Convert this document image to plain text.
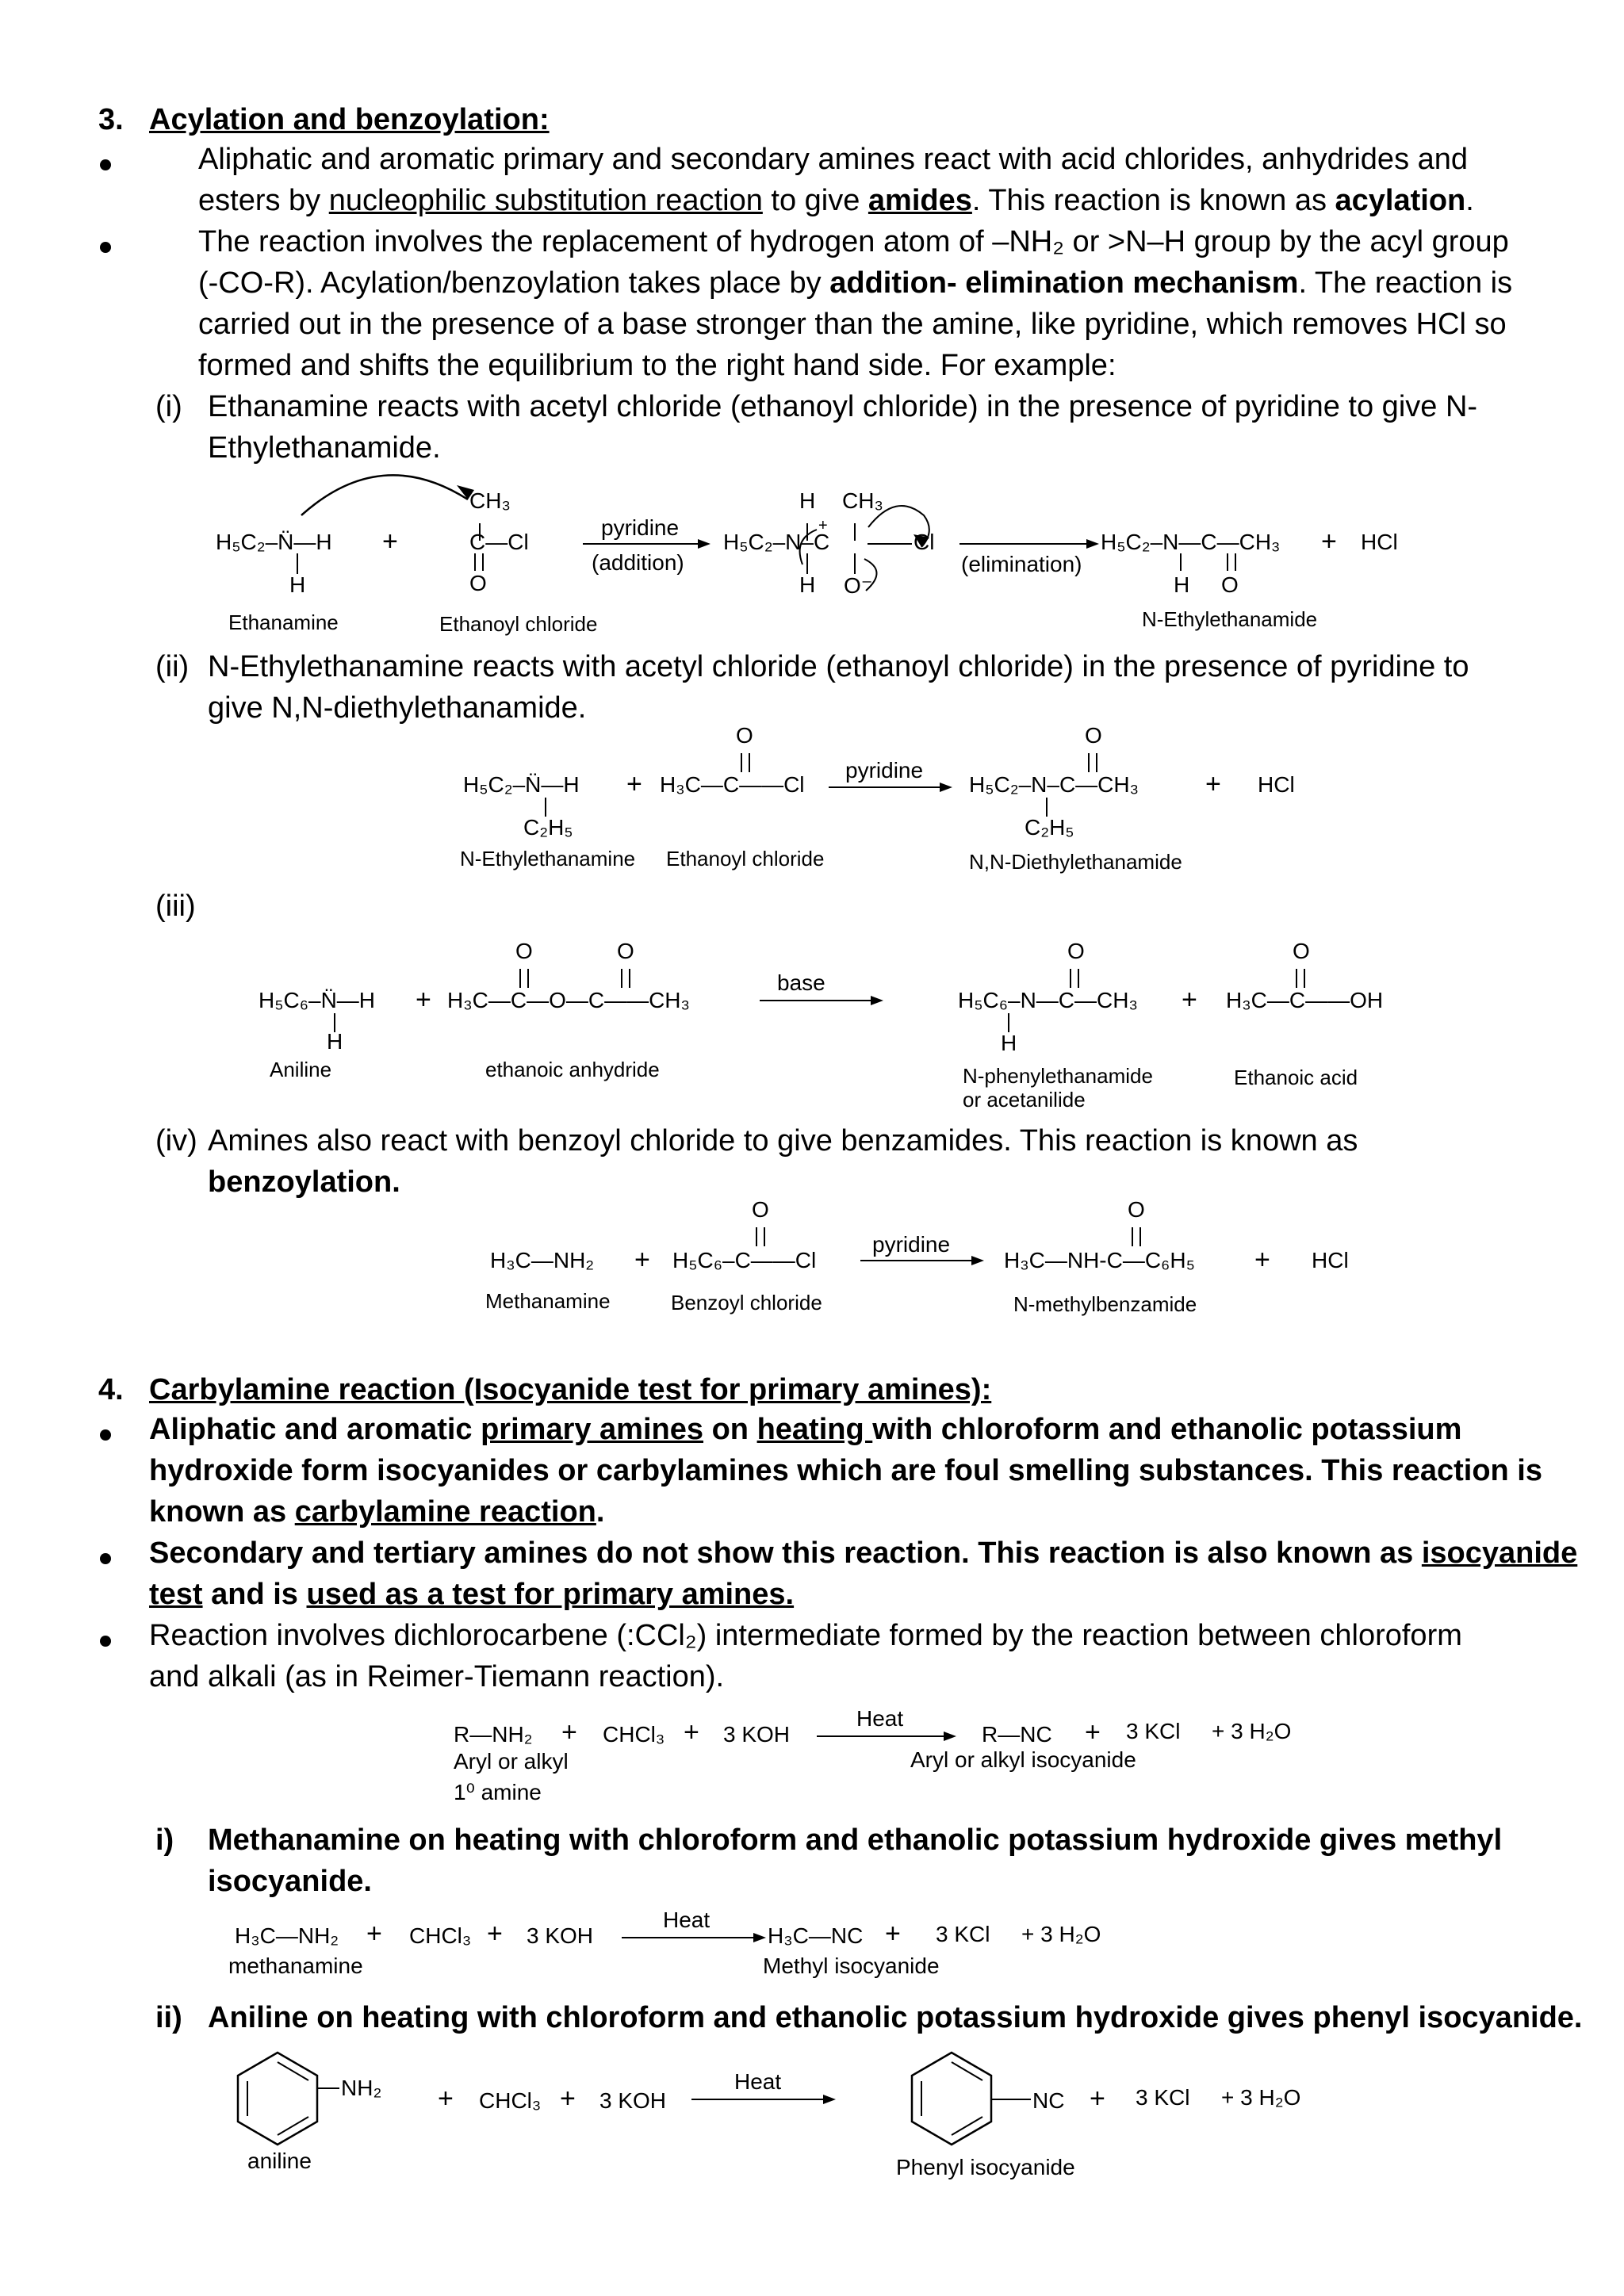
3. Acylation and benzoylation:
Aliphatic and aromatic primary and secondary amines react with acid chlorides, anhydrides and
esters by nucleophilic substitution reaction to give amides. This reaction is known as acylation.
The reaction involves the replacement of hydrogen atom of –NH₂ or >N–H group by the acyl group
(-CO-R). Acylation/benzoylation takes place by addition- elimination mechanism. The reaction is
carried out in the presence of a base stronger than the amine, like pyridine, which removes HCl so
formed and shifts the equilibrium to the right hand side. For example:
(i) Ethanamine reacts with acetyl chloride (ethanoyl chloride) in the presence of pyridine to give N-
Ethylethanamide.
H₅C₂–N̈—H
H
+
CH₃
C—Cl
O
pyridine
(addition)
H CH₃
H₅C₂–N–C
+
Cl
H O⁻
(elimination)
H₅C₂–N—C—CH₃
H O
+ HCl
Ethanamine	Ethanoyl chloride	N-Ethylethanamide
(ii) N-Ethylethanamine reacts with acetyl chloride (ethanoyl chloride) in the presence of pyridine to
give N,N-diethylethanamide.
O
H₅C₂–N̈—H
C₂H₅
+ H₃C—C——Cl
pyridine
O
H₅C₂–N–C—CH₃
C₂H₅
+ HCl
N-Ethylethanamine Ethanoyl chloride	N,N-Diethylethanamide
(iii)
O	O
H₅C₆–N̈—H
H
+ H₃C—C—O—C——CH₃
base
O
H₅C₆–N—C—CH₃
H
+
O
H₃C—C——OH
Aniline	ethanoic anhydride	N-phenylethanamide
or acetanilide
Ethanoic acid
(iv) Amines also react with benzoyl chloride to give benzamides. This reaction is known as
benzoylation.
O
H₃C—NH₂ + H₅C₆–C——Cl
pyridine
O
H₃C—NH-C—C₆H₅ + HCl
Methanamine	Benzoyl chloride	N-methylbenzamide
4. Carbylamine reaction (Isocyanide test for primary amines):
Aliphatic and aromatic primary amines on heating with chloroform and ethanolic potassium
hydroxide form isocyanides or carbylamines which are foul smelling substances. This reaction is
known as carbylamine reaction.
Secondary and tertiary amines do not show this reaction. This reaction is also known as isocyanide
test and is used as a test for primary amines.
Reaction involves dichlorocarbene (:CCl₂) intermediate formed by the reaction between chloroform
and alkali (as in Reimer-Tiemann reaction).
R—NH₂ + CHCl₃ + 3 KOH
Heat
R—NC + 3 KCl + 3 H₂O
Aryl or alkyl
1⁰ amine
Aryl or alkyl isocyanide
i) Methanamine on heating with chloroform and ethanolic potassium hydroxide gives methyl
isocyanide.
H₃C—NH₂ + CHCl₃ + 3 KOH
Heat
H₃C—NC + 3 KCl + 3 H₂O
methanamine	Methyl isocyanide
ii) Aniline on heating with chloroform and ethanolic potassium hydroxide gives phenyl isocyanide.
NH₂ + CHCl₃ + 3 KOH
Heat
NC + 3 KCl + 3 H₂O
aniline	Phenyl isocyanide
